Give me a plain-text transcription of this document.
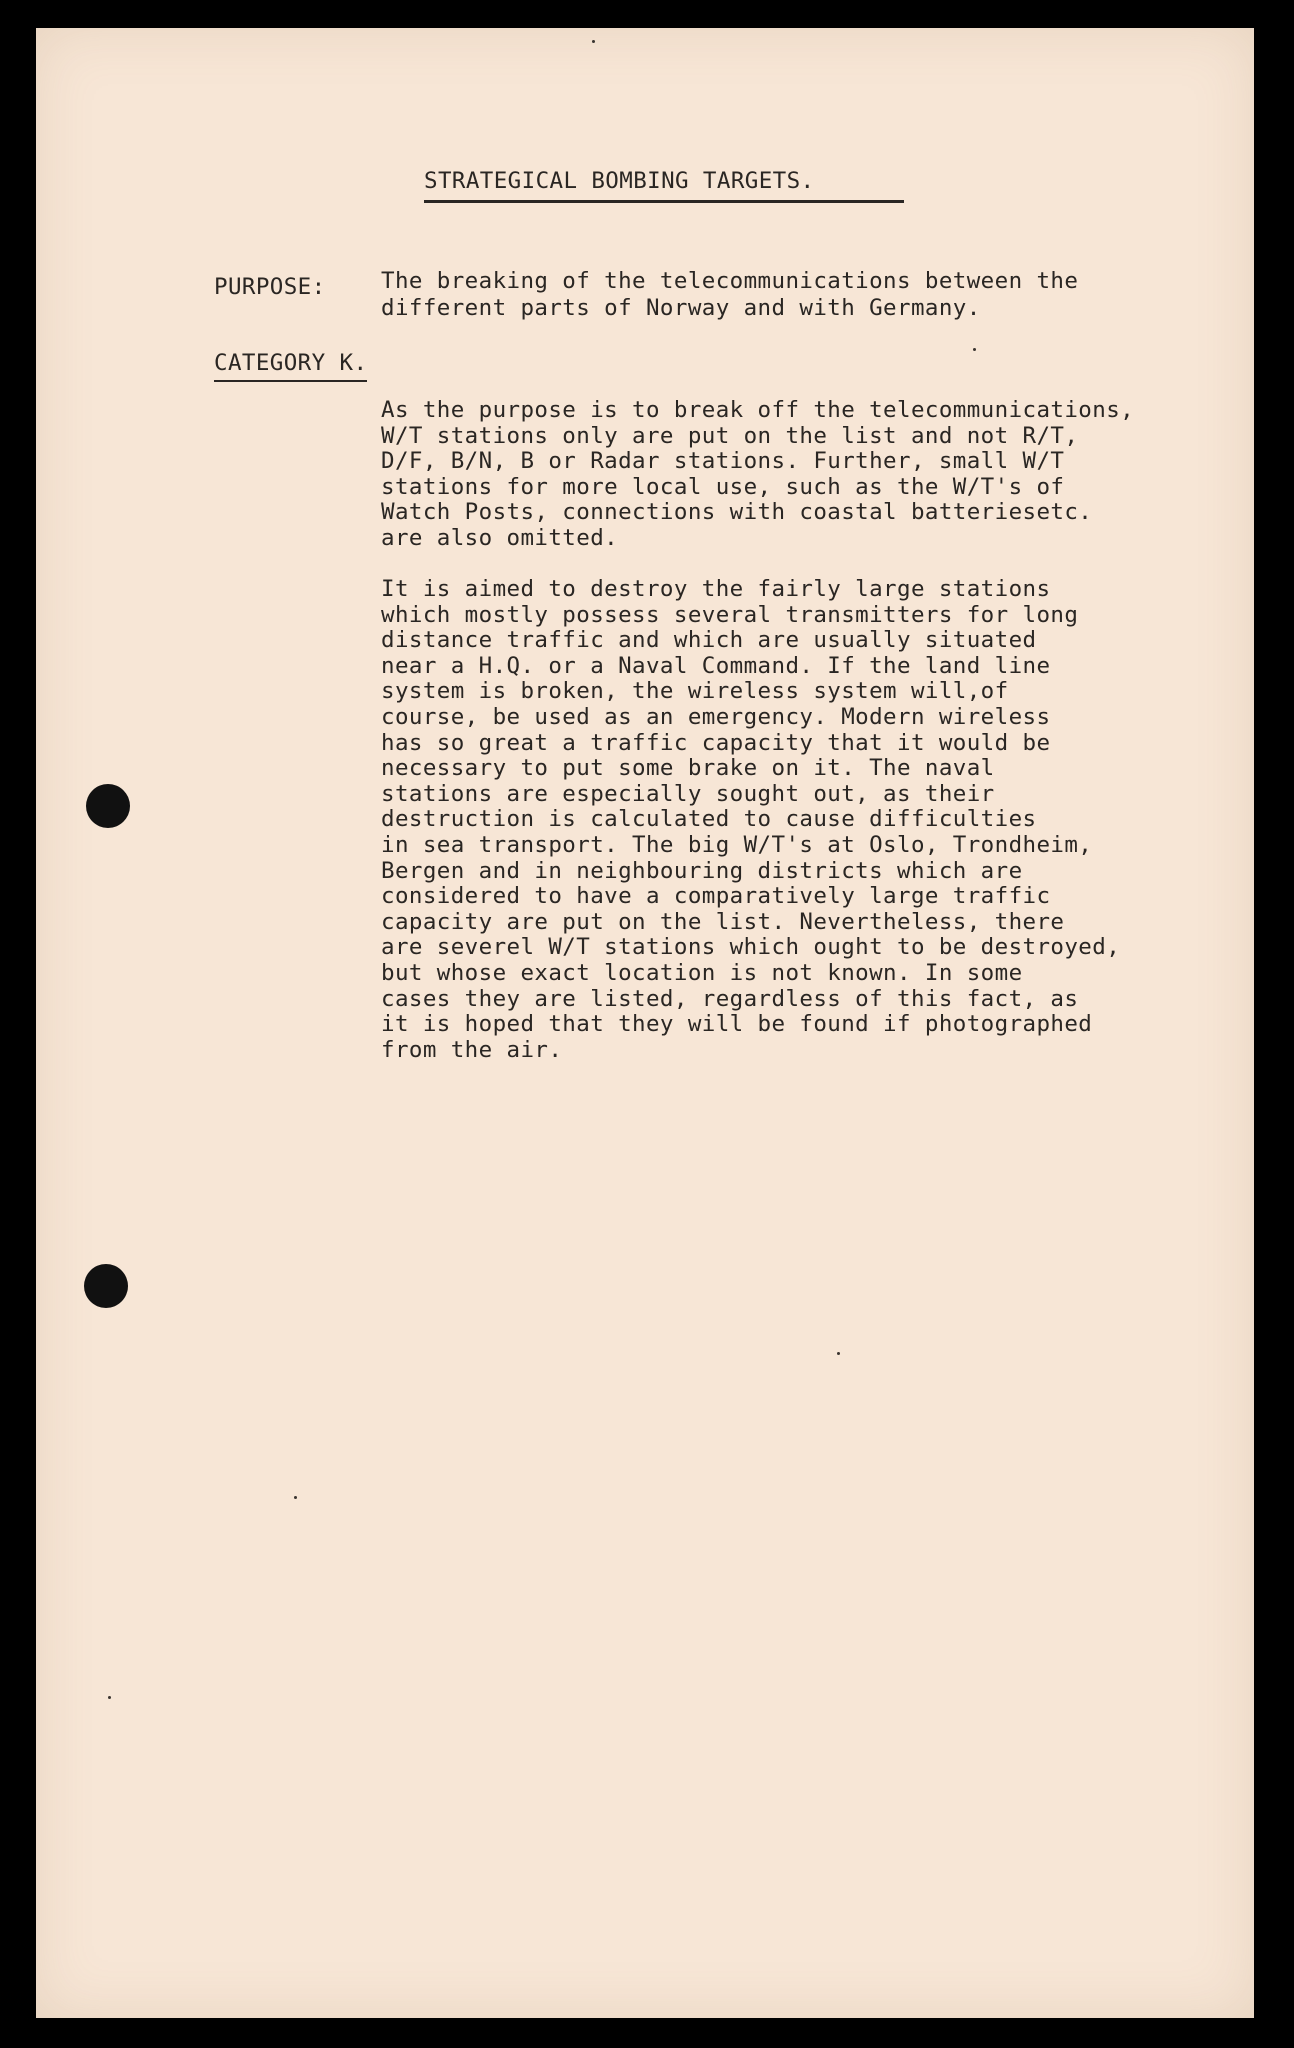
STRATEGICAL BOMBING TARGETS.
PURPOSE: The breaking of the telecommunications between the
different parts of Norway and with Germany.
CATEGORY K.
As the purpose is to break off the telecommunications,
W/T stations only are put on the list and not R/T,
D/F, B/N, B or Radar stations. Further, small W/T
stations for more local use, such as the W/T's of
Watch Posts, connections with coastal batteriesetc.
are also omitted.
It is aimed to destroy the fairly large stations
which mostly possess several transmitters for long
distance traffic and which are usually situated
near a H.Q. or a Naval Command. If the land line
system is broken, the wireless system will,of
course, be used as an emergency. Modern wireless
has so great a traffic capacity that it would be
necessary to put some brake on it. The naval
stations are especially sought out, as their
destruction is calculated to cause difficulties
in sea transport. The big W/T's at Oslo, Trondheim,
Bergen and in neighbouring districts which are
considered to have a comparatively large traffic
capacity are put on the list. Nevertheless, there
are severel W/T stations which ought to be destroyed,
but whose exact location is not known. In some
cases they are listed, regardless of this fact, as
it is hoped that they will be found if photographed
from the air.
